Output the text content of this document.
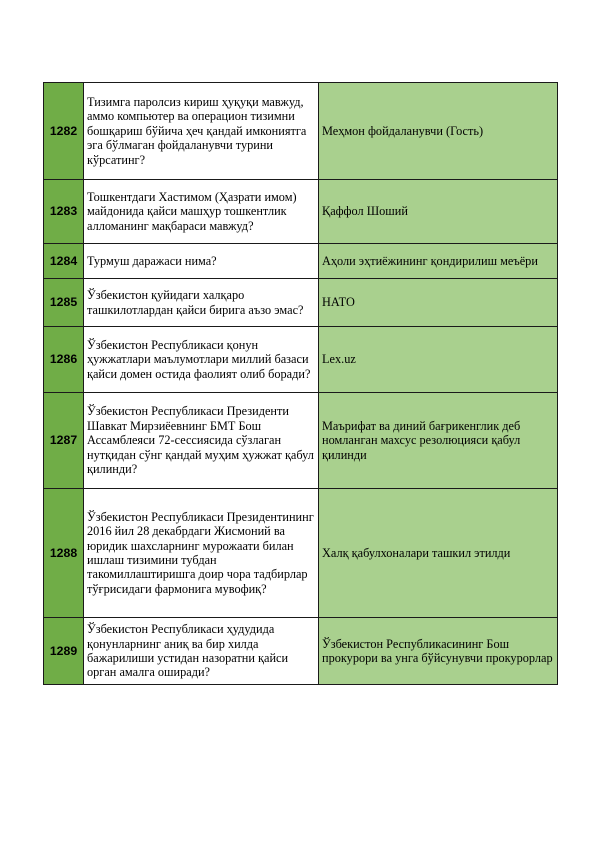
1282	Тизимга паролсиз кириш ҳуқуқи мавжуд, аммо компьютер ва операцион тизимни бошқариш бўйича ҳеч қандай имкониятга эга бўлмаган фойдаланувчи турини кўрсатинг?	Меҳмон фойдаланувчи (Гость)

1283	Тошкентдаги Хастимом (Ҳазрати имом) майдонида қайси машҳур тошкентлик алломанинг мақбараси мавжуд?	Қаффол Шоший

1284	Турмуш даражаси нима?	Аҳоли эҳтиёжининг қондирилиш меъёри

1285	Ўзбекистон қуйидаги халқаро ташкилотлардан қайси бирига аъзо эмас?	НАТО

1286	Ўзбекистон Республикаси қонун ҳужжатлари маълумотлари миллий базаси қайси домен остида фаолият олиб боради?	Lex.uz

1287	Ўзбекистон Республикаси Президенти Шавкат Мирзиёевнинг БМТ Бош Ассамблеяси 72-сессиясида сўзлаган нутқидан сўнг қандай муҳим ҳужжат қабул қилинди?	Маърифат ва диний бағрикенглик деб номланган махсус резолюцияси қабул қилинди

1288	Ўзбекистон Республикаси Президентининг 2016 йил 28 декабрдаги Жисмоний ва юридик шахсларнинг мурожаати билан ишлаш тизимини тубдан такомиллаштиришга доир чора тадбирлар тўғрисидаги фармонига мувофиқ?	Халқ қабулхоналари ташкил этилди

1289	Ўзбекистон Республикаси ҳудудида қонунларнинг аниқ ва бир хилда бажарилиши устидан назоратни қайси орган амалга оширади?	Ўзбекистон Республикасининг Бош прокурори ва унга бўйсунувчи прокурорлар
